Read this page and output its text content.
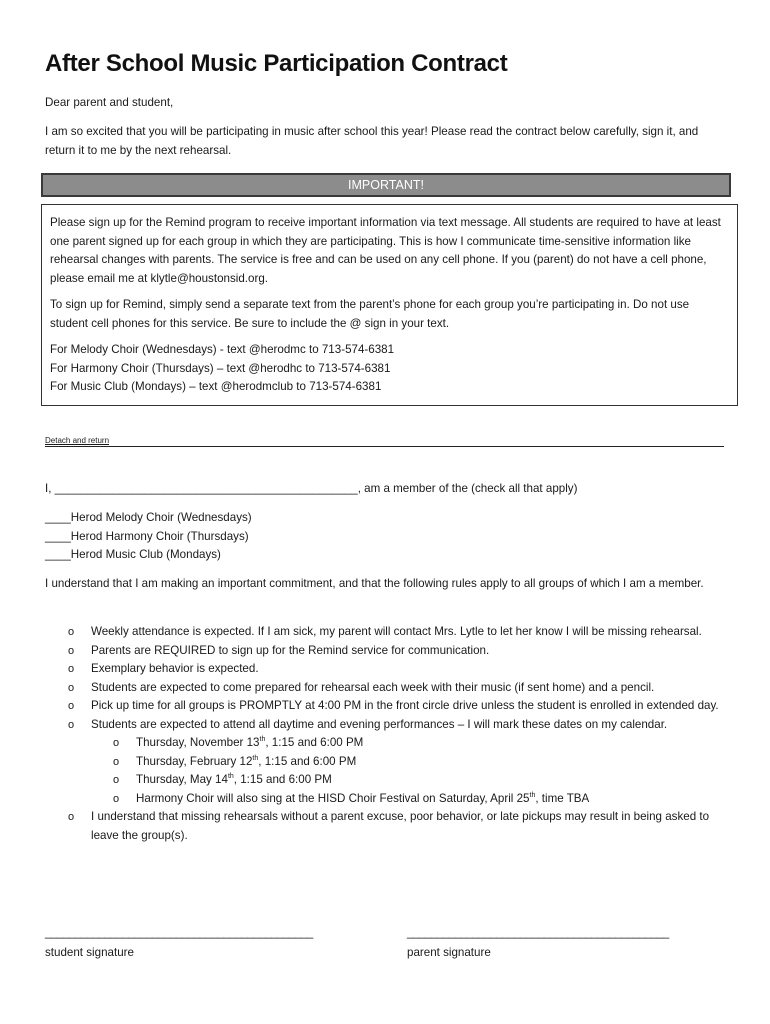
After School Music Participation Contract

Dear parent and student,

I am so excited that you will be participating in music after school this year! Please read the contract below carefully, sign it, and return it to me by the next rehearsal.

IMPORTANT!

Please sign up for the Remind program to receive important information via text message. All students are required to have at least one parent signed up for each group in which they are participating. This is how I communicate time-sensitive information like rehearsal changes with parents. The service is free and can be used on any cell phone. If you (parent) do not have a cell phone, please email me at klytle@houstonsid.org.

To sign up for Remind, simply send a separate text from the parent’s phone for each group you’re participating in. Do not use student cell phones for this service. Be sure to include the @ sign in your text.

For Melody Choir (Wednesdays) - text @herodmc to 713-574-6381

For Harmony Choir (Thursdays) – text @herodhc to 713-574-6381

For Music Club (Mondays) – text @herodmclub to 713-574-6381

Detach and return

I, _______________________________________________, am a member of the (check all that apply)

____Herod Melody Choir (Wednesdays)

____Herod Harmony Choir (Thursdays)

____Herod Music Club (Mondays)

I understand that I am making an important commitment, and that the following rules apply to all groups of which I am a member.

o Weekly attendance is expected. If I am sick, my parent will contact Mrs. Lytle to let her know I will be missing rehearsal.
o Parents are REQUIRED to sign up for the Remind service for communication.
o Exemplary behavior is expected.
o Students are expected to come prepared for rehearsal each week with their music (if sent home) and a pencil.
o Pick up time for all groups is PROMPTLY at 4:00 PM in the front circle drive unless the student is enrolled in extended day.
o Students are expected to attend all daytime and evening performances – I will mark these dates on my calendar.
o Thursday, November 13th, 1:15 and 6:00 PM
o Thursday, February 12th, 1:15 and 6:00 PM
o Thursday, May 14th, 1:15 and 6:00 PM
o Harmony Choir will also sing at the HISD Choir Festival on Saturday, April 25th, time TBA
o I understand that missing rehearsals without a parent excuse, poor behavior, or late pickups may result in being asked to leave the group(s).
_____________________________________________
student signature
____________________________________________
parent signature
